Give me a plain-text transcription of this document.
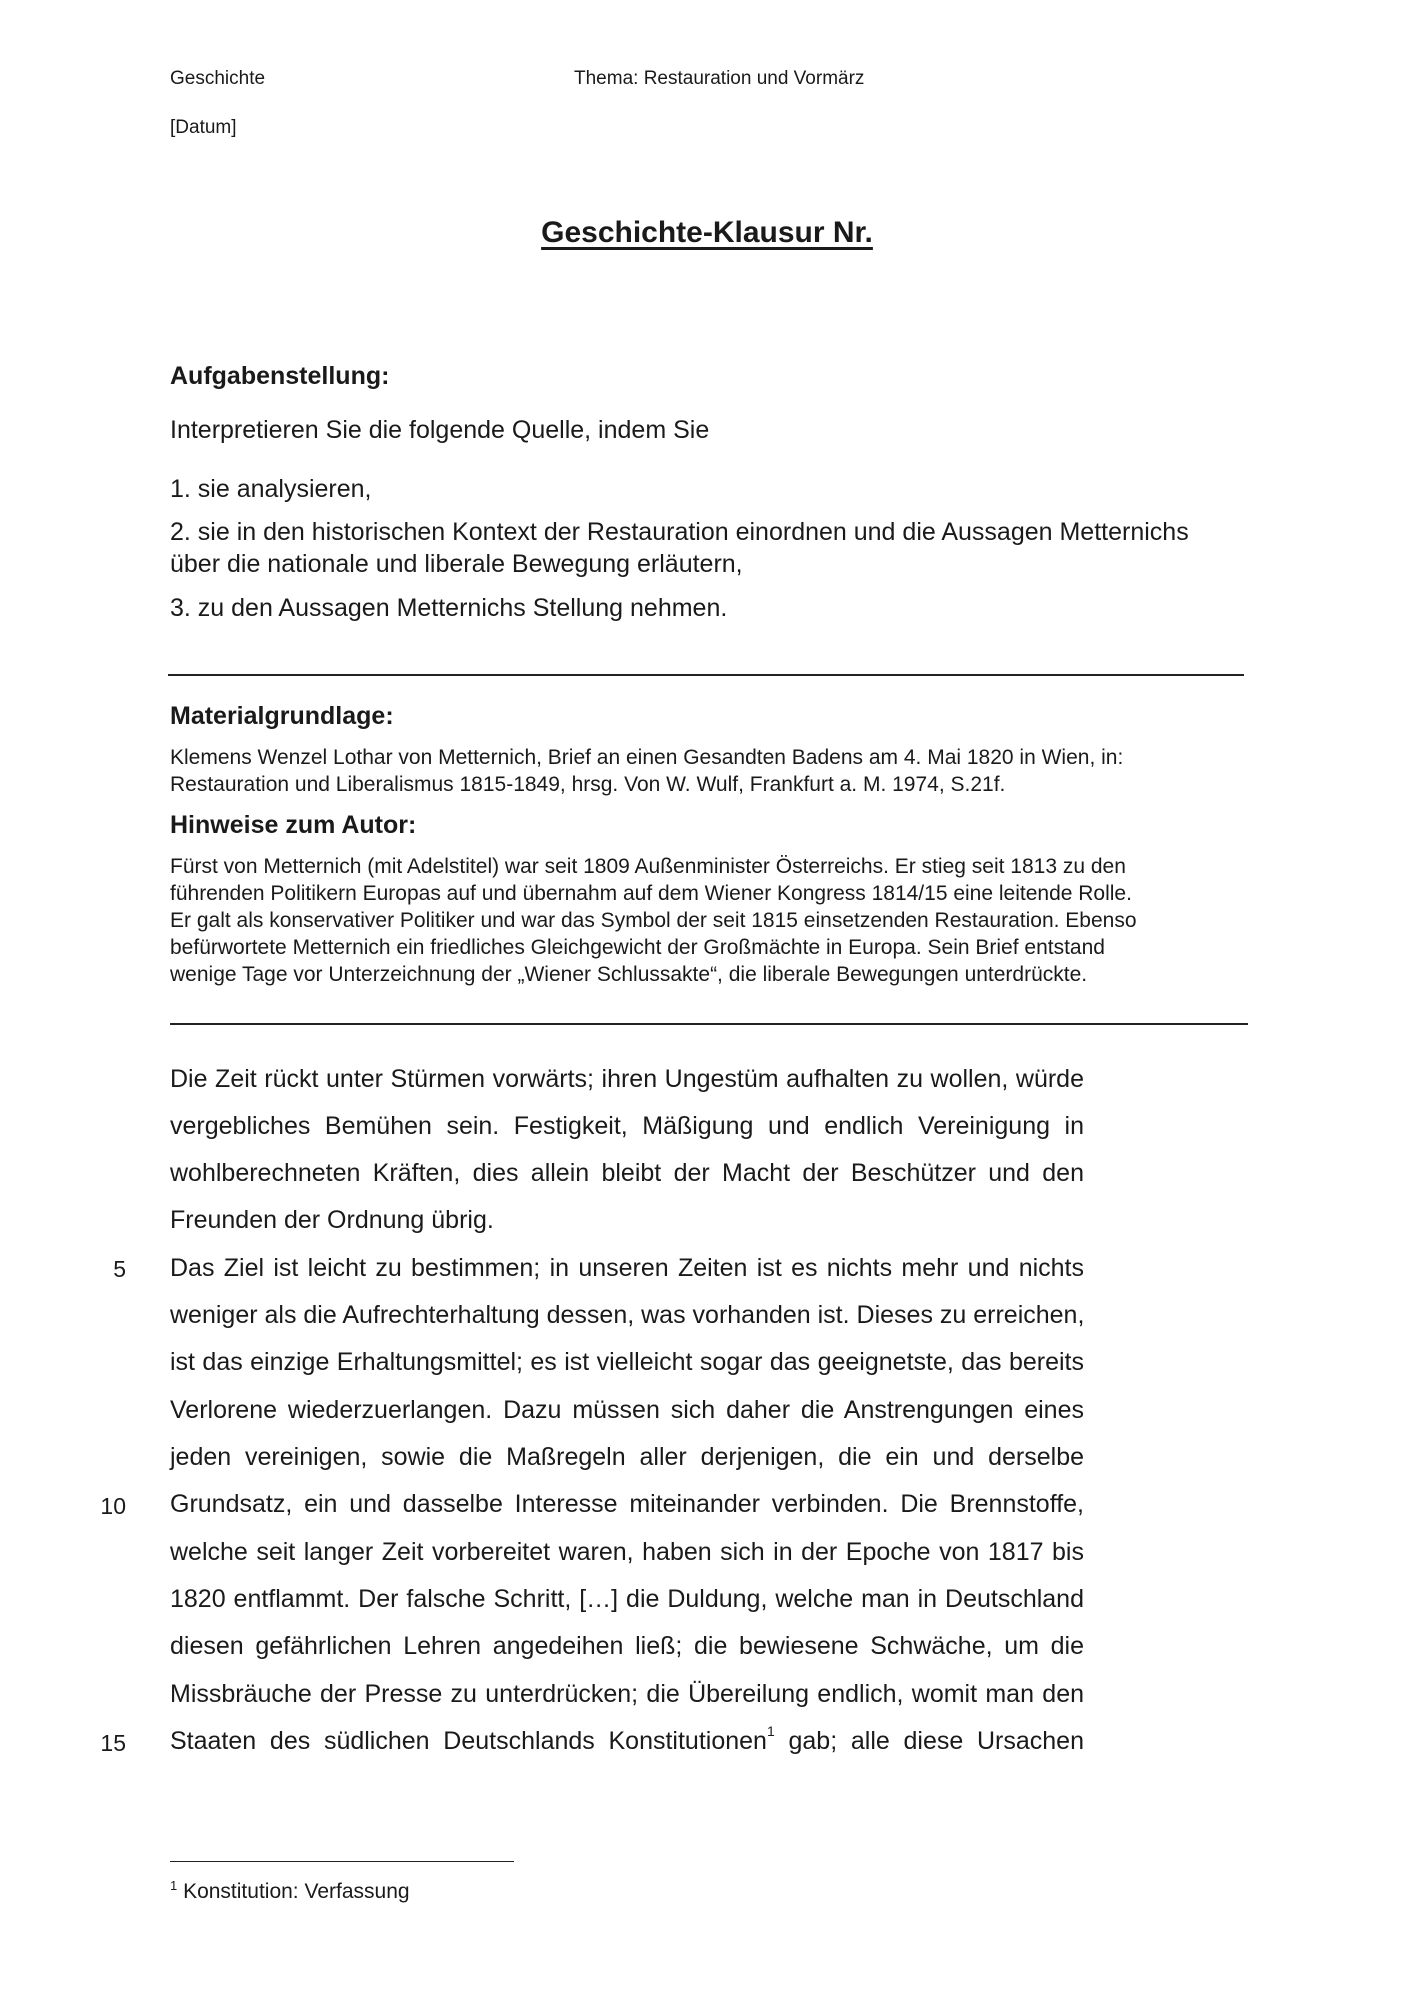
Geschichte	Thema: Restauration und Vormärz
[Datum]
Geschichte-Klausur Nr.
Aufgabenstellung:
Interpretieren Sie die folgende Quelle, indem Sie
1. sie analysieren,
2. sie in den historischen Kontext der Restauration einordnen und die Aussagen Metternichs
über die nationale und liberale Bewegung erläutern,
3. zu den Aussagen Metternichs Stellung nehmen.
Materialgrundlage:
Klemens Wenzel Lothar von Metternich, Brief an einen Gesandten Badens am 4. Mai 1820 in Wien, in:
Restauration und Liberalismus 1815-1849, hrsg. Von W. Wulf, Frankfurt a. M. 1974, S.21f.
Hinweise zum Autor:
Fürst von Metternich (mit Adelstitel) war seit 1809 Außenminister Österreichs. Er stieg seit 1813 zu den
führenden Politikern Europas auf und übernahm auf dem Wiener Kongress 1814/15 eine leitende Rolle.
Er galt als konservativer Politiker und war das Symbol der seit 1815 einsetzenden Restauration. Ebenso
befürwortete Metternich ein friedliches Gleichgewicht der Großmächte in Europa. Sein Brief entstand
wenige Tage vor Unterzeichnung der „Wiener Schlussakte“, die liberale Bewegungen unterdrückte.
Die Zeit rückt unter Stürmen vorwärts; ihren Ungestüm aufhalten zu wollen, würde
vergebliches Bemühen sein. Festigkeit, Mäßigung und endlich Vereinigung in
wohlberechneten Kräften, dies allein bleibt der Macht der Beschützer und den
Freunden der Ordnung übrig.
Das Ziel ist leicht zu bestimmen; in unseren Zeiten ist es nichts mehr und nichts
weniger als die Aufrechterhaltung dessen, was vorhanden ist. Dieses zu erreichen,
ist das einzige Erhaltungsmittel; es ist vielleicht sogar das geeignetste, das bereits
Verlorene wiederzuerlangen. Dazu müssen sich daher die Anstrengungen eines
jeden vereinigen, sowie die Maßregeln aller derjenigen, die ein und derselbe
Grundsatz, ein und dasselbe Interesse miteinander verbinden. Die Brennstoffe,
welche seit langer Zeit vorbereitet waren, haben sich in der Epoche von 1817 bis
1820 entflammt. Der falsche Schritt, […] die Duldung, welche man in Deutschland
diesen gefährlichen Lehren angedeihen ließ; die bewiesene Schwäche, um die
Missbräuche der Presse zu unterdrücken; die Übereilung endlich, womit man den
Staaten des südlichen Deutschlands Konstitutionen$^1$ gab; alle diese Ursachen
5
10
15
$^1$ Konstitution: Verfassung
